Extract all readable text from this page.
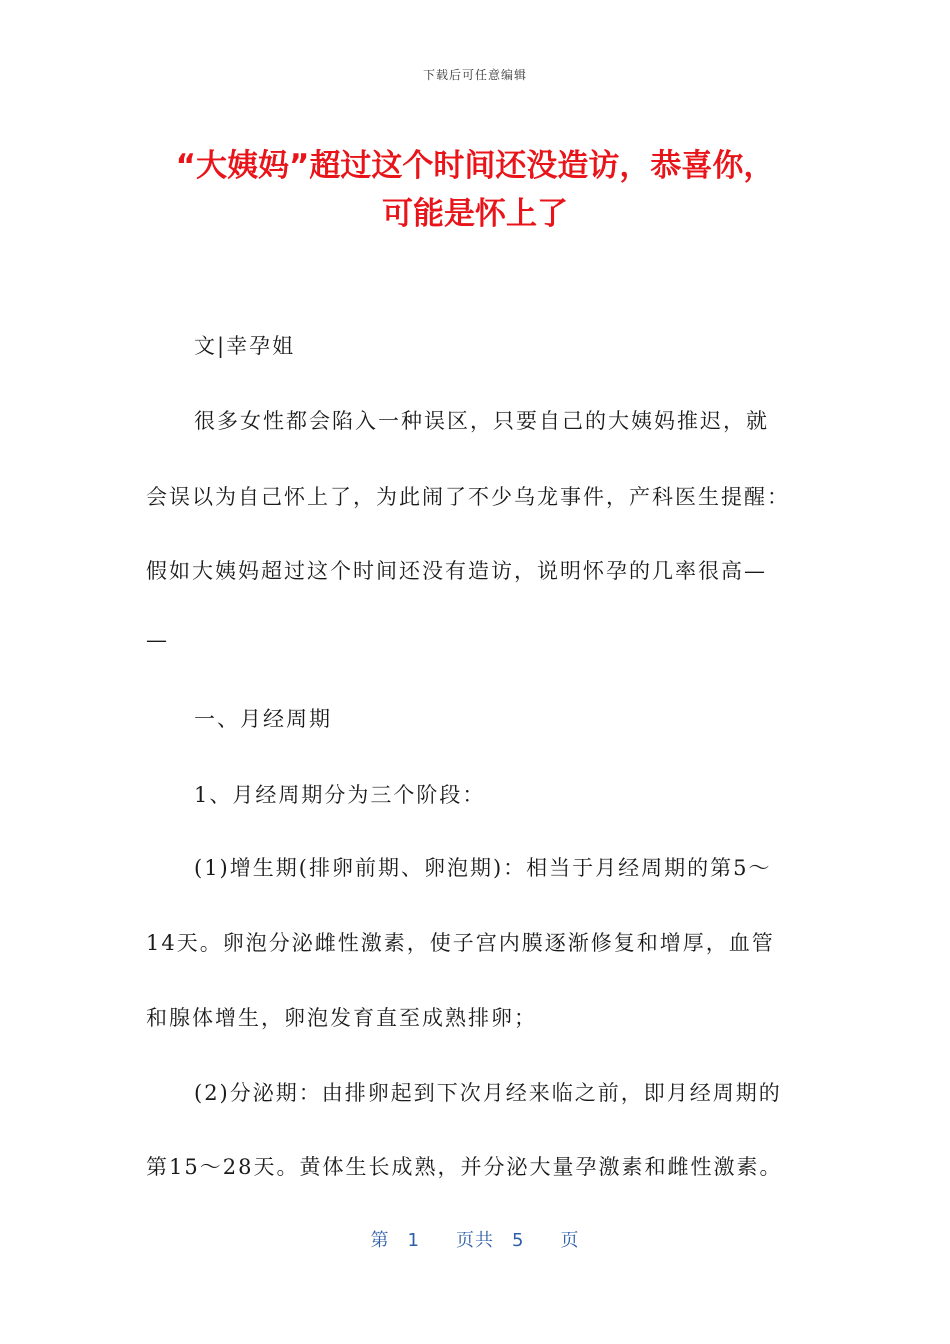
下载后可任意编辑
“大姨妈”超过这个时间还没造访，恭喜你，
可能是怀上了
文|幸孕姐
很多女性都会陷入一种误区，只要自己的大姨妈推迟，就
会误以为自己怀上了，为此闹了不少乌龙事件，产科医生提醒：
假如大姨妈超过这个时间还没有造访，说明怀孕的几率很高—
—
一、月经周期
1、月经周期分为三个阶段：
(1)增生期(排卵前期、卵泡期)：相当于月经周期的第5～
14天。卵泡分泌雌性激素，使子宫内膜逐渐修复和增厚，血管
和腺体增生，卵泡发育直至成熟排卵；
(2)分泌期：由排卵起到下次月经来临之前，即月经周期的
第15～28天。黄体生长成熟，并分泌大量孕激素和雌性激素。
第 1 页共 5 页
